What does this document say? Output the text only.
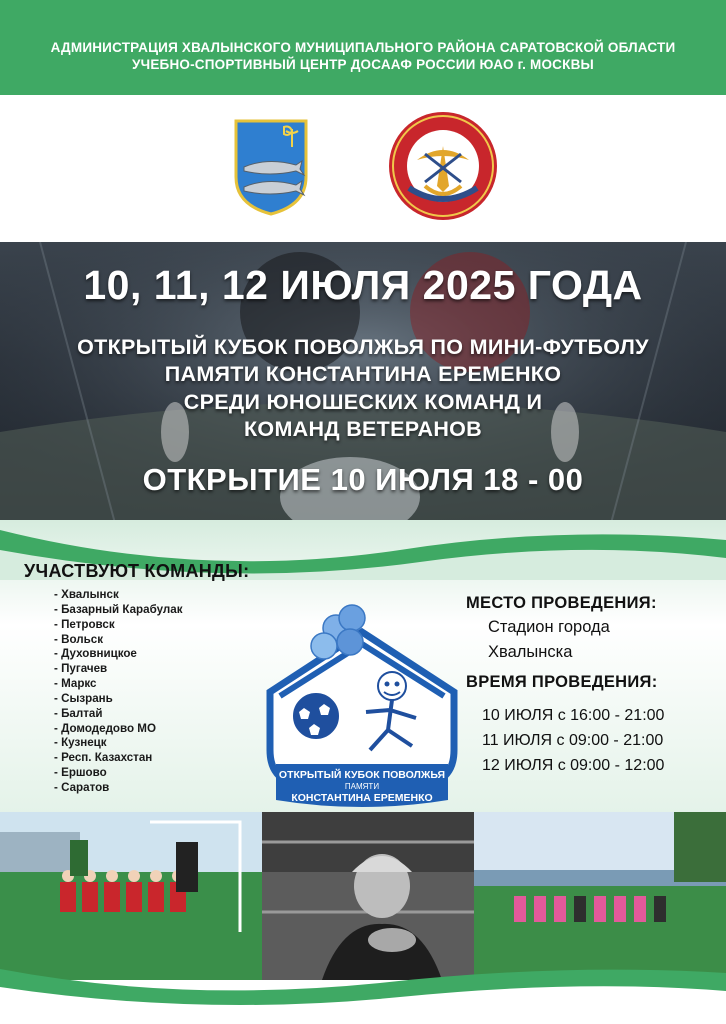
АДМИНИСТРАЦИЯ ХВАЛЫНСКОГО МУНИЦИПАЛЬНОГО РАЙОНА САРАТОВСКОЙ ОБЛАСТИ
УЧЕБНО-СПОРТИВНЫЙ ЦЕНТР ДОСААФ РОССИИ ЮАО г. МОСКВЫ
10, 11, 12 ИЮЛЯ 2025 ГОДА
ОТКРЫТЫЙ КУБОК ПОВОЛЖЬЯ ПО МИНИ-ФУТБОЛУ
ПАМЯТИ КОНСТАНТИНА ЕРЕМЕНКО
СРЕДИ ЮНОШЕСКИХ КОМАНД И
КОМАНД ВЕТЕРАНОВ
ОТКРЫТИЕ 10 ИЮЛЯ 18 - 00
УЧАСТВУЮТ КОМАНДЫ:
- Хвалынск
- Базарный Карабулак
- Петровск
- Вольск
- Духовницкое
- Пугачев
- Маркс
- Сызрань
- Балтай
- Домодедово МО
- Кузнецк
- Респ. Казахстан
- Ершово
- Саратов
ОТКРЫТЫЙ КУБОК ПОВОЛЖЬЯ
ПАМЯТИ
КОНСТАНТИНА ЕРЕМЕНКО
МЕСТО ПРОВЕДЕНИЯ:
Стадион города
Хвалынска
ВРЕМЯ ПРОВЕДЕНИЯ:
10 ИЮЛЯ с 16:00 - 21:00
11 ИЮЛЯ с 09:00 - 21:00
12 ИЮЛЯ с 09:00 - 12:00
